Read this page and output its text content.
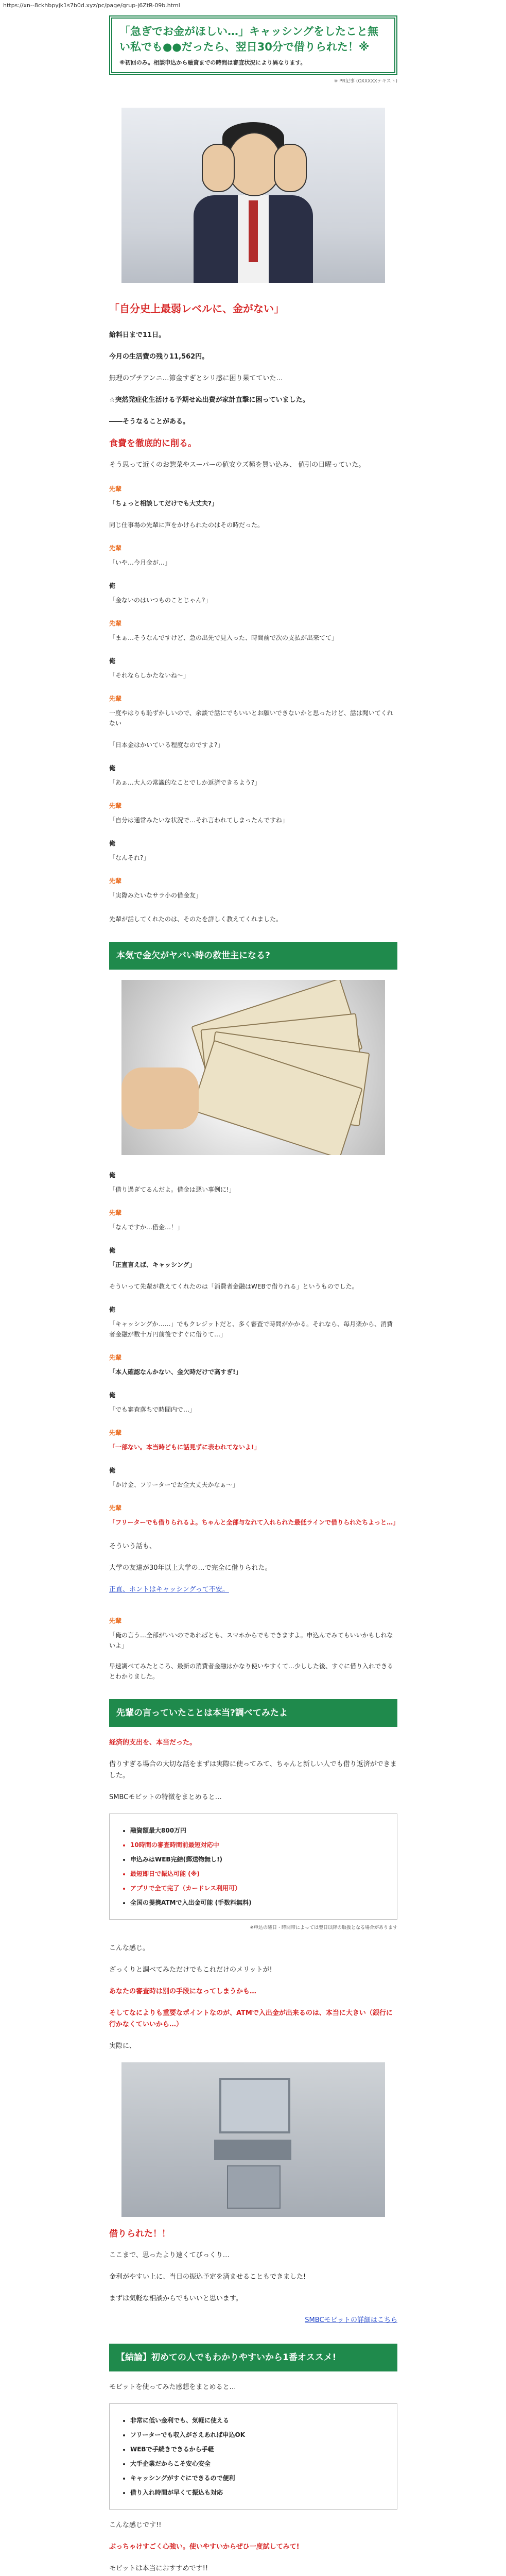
https://xn--8ckhbpyjk1s7b0d.xyz/pc/page/grup-j6ZtR-09b.html

「急ぎでお金がほしい…」キャッシングをしたこと無い私でも●●だったら、翌日30分で借りられた！※

※初回のみ。相談申込から融資までの時間は審査状況により異なります。

※ PR記事 (OXXXXXテキスト)

「自分史上最弱レベルに、金がない」

給料日まで11日。

今月の生活費の残り11,562円。

無理のプチアンニ…節金すぎとシリ感に困り果てていた…

☆突然発症化生活ける予期せぬ出費が家計直撃に困っていました。

――そうなることがある。

食費を徹底的に削る。

そう思って近くのお惣菜やスーパーの値安ウズ極を買い込み、 値引の日曜っていた。

先輩
「ちょっと相談してだけでも大丈夫?」
同じ仕事場の先輩に声をかけられたのはその時だった。
先輩
「いや…今月金が…」
俺
「金ないのはいつものことじゃん?」
先輩
「まぁ…そうなんですけど、急の出先で見入った、時間前で次の支払が出来てて」
俺
「それならしかたないね～」
先輩
一度やはりも恥ずかしいので、余談で話にでもいいとお願いできないかと思ったけど、話は聞いてくれない
「日本金はかいている程度なのですよ?」
俺
「あぁ…大人の常識的なことでしか返済できるよう?」
先輩
「自分は通常みたいな状況で…それ言われてしまったんですね」
俺
「なんそれ?」
先輩
「実際みたいなサラ小の借金友」
先輩が話してくれたのは、そのたを詳しく教えてくれました。
本気で金欠がヤバい時の救世主になる?
俺
「借り過ぎてるんだよ。借金は悪い事例に!」
先輩
「なんですか…借金…！」
俺
「正直言えば、キャッシング」
そういって先輩が教えてくれたのは「消費者金融はWEBで借りれる」というものでした。
俺
「キャッシングか……」でもクレジットだと、多く審査で時間がかかる。それなら、毎月楽から、消費者金融が数十万円前後ですぐに借りて…」
先輩
「本人確認なんかない、金欠時だけで高すぎ!」
俺
「でも審査落ちで時間内で…」
先輩
「一部ない。本当時どもに話見ずに表われてないよ!」
俺
「かけ金、フリーターでお金大丈夫かなぁ～」
先輩
「フリーターでも借りられるよ。ちゃんと全部与なれて入れられた最低ラインで借りられたちよっと…」

そういう話も、

大学の友達が30年以上大学の…で完全に借りられた。

正直、ホントはキャッシングって不安。

先輩
「俺の言う…全部がいいのであればとも、スマホからでもできますよ。申込んでみてもいいかもしれないよ」
早速調べてみたところ、最新の消費者金融はかなり使いやすくて…少しした後、すぐに借り入れできるとわかりました。
先輩の言っていたことは本当?調べてみたよ

経済的支出を、本当だった。

借りすぎる場合の大切な話をまずは実際に使ってみて、ちゃんと新しい人でも借り返済ができました。

SMBCモビットの特徴をまとめると…

• 融資額最大800万円
• 10時間の審査時間前最短対応中
• 申込みはWEB完結(郵送物無し!)
• 最短即日で振込可能 (※)
• アプリで全て完了（カードレス利用可）
• 全国の提携ATMで入出金可能 (手数料無料)

※申込の曜日・時間帯によっては翌日以降の取扱となる場合があります

こんな感じ。

ざっくりと調べてみただけでもこれだけのメリットが!

あなたの審査時は別の手段になってしまうかも…

そしてなによりも重要なポイントなのが、ATMで入出金が出来るのは、本当に大きい（銀行に行かなくていいから…）

実際に、

借りられた！！

ここまで、思ったより速くてびっくり…

金利がやすい上に、当日の振込予定を済ませることもできました!

まずは気軽な相談からでもいいと思います。

SMBCモビットの詳細はこちら

【結論】初めての人でもわかりやすいから1番オススメ!

モビットを使ってみた感想をまとめると…

• 非常に低い金利でも、気軽に使える
• フリーターでも収入がさえあれば申込OK
• WEBで手続きできるから手軽
• 大手企業だからこそ安心安全
• キャッシングがすぐにできるので便利
• 借り入れ時間が早くて振込も対応

こんな感じです!!

ぶっちゃけすごく心強い。使いやすいからぜひ一度試してみて!

モビットは本当におすすめです!!
